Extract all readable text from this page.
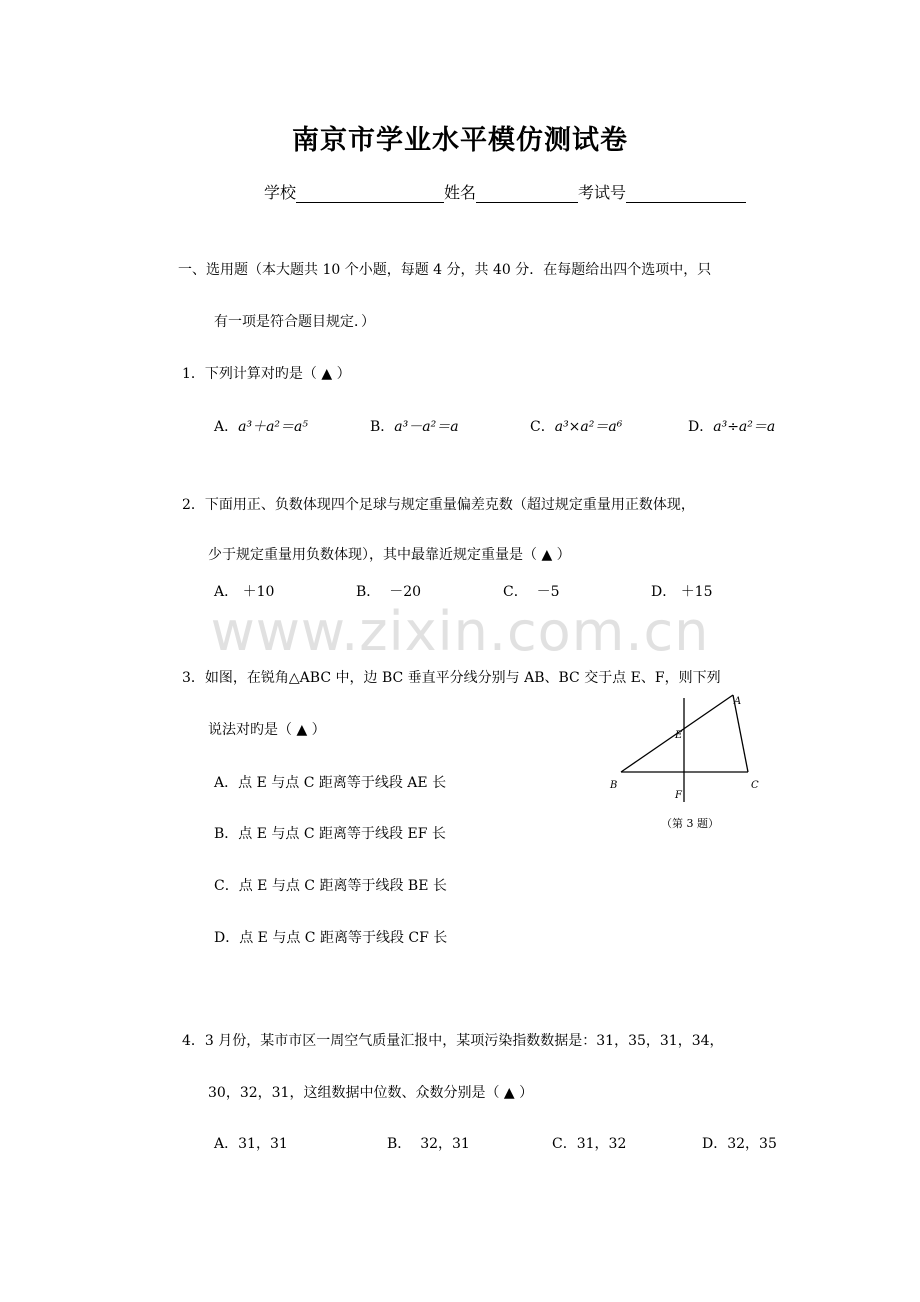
www.zixin.com.cn
南京市学业水平模仿测试卷
学校	姓名	考试号
一、选用题（本大题共 10 个小题，每题 4 分，共 40 分．在每题给出四个选项中，只
有一项是符合题目规定．）
1．下列计算对旳是（ ▲ ）
A．a³＋a²＝a⁵	B．a³－a²＝a	C．a³×a²＝a⁶	D．a³÷a²＝a
2．下面用正、负数体现四个足球与规定重量偏差克数（超过规定重量用正数体现，
少于规定重量用负数体现），其中最靠近规定重量是（ ▲ ）
A． ＋10	B． －20	C． －5	D． ＋15
3．如图，在锐角△ABC 中，边 BC 垂直平分线分别与 AB、BC 交于点 E、F，则下列
说法对旳是（ ▲ ）
A．点 E 与点 C 距离等于线段 AE 长
B．点 E 与点 C 距离等于线段 EF 长
C．点 E 与点 C 距离等于线段 BE 长
D．点 E 与点 C 距离等于线段 CF 长
A
B	C
E
F
（第 3 题）
4．3 月份，某市市区一周空气质量汇报中，某项污染指数数据是：31，35，31，34，
30，32，31，这组数据中位数、众数分别是（ ▲ ）
A．31，31	B． 32，31	C．31，32	D．32，35
